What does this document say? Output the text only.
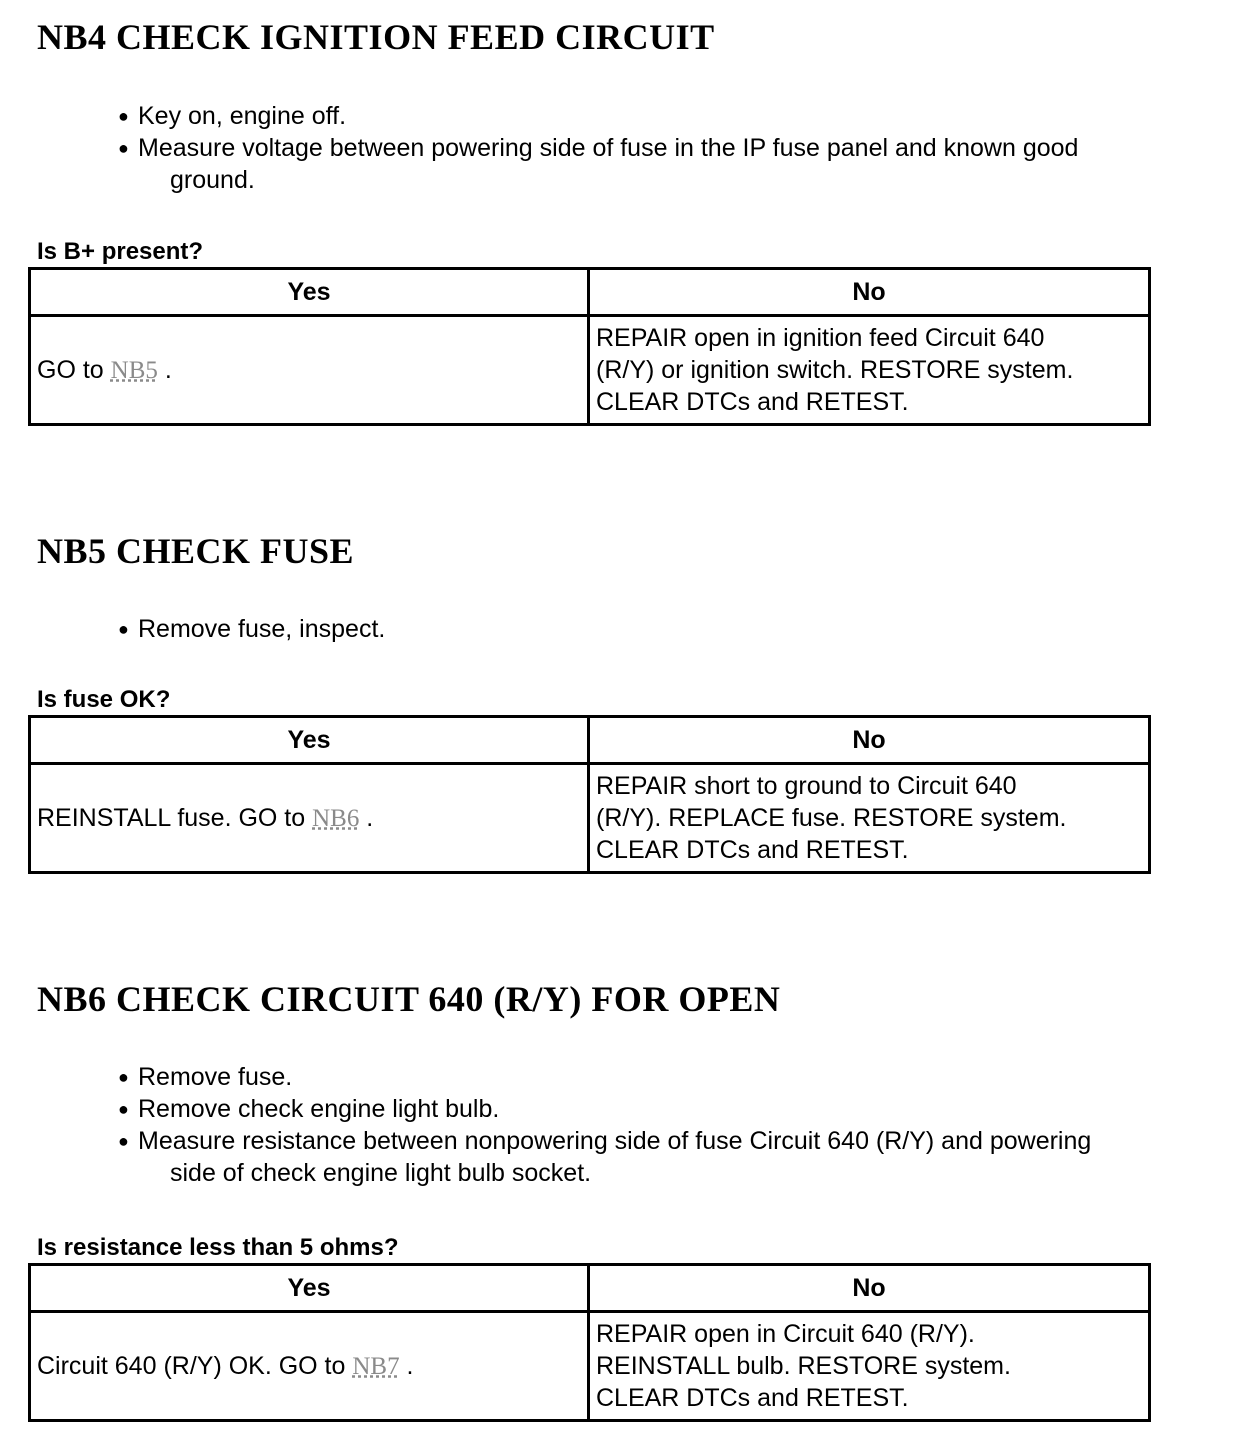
NB4 CHECK IGNITION FEED CIRCUIT
● Key on, engine off.
● Measure voltage between powering side of fuse in the IP fuse panel and known good
ground.

Is B+ present?

Yes	No
GO to NB5 .	REPAIR open in ignition feed Circuit 640
(R/Y) or ignition switch. RESTORE system.
CLEAR DTCs and RETEST.
NB5 CHECK FUSE
● Remove fuse, inspect.

Is fuse OK?

Yes	No
REINSTALL fuse. GO to NB6 .	REPAIR short to ground to Circuit 640
(R/Y). REPLACE fuse. RESTORE system.
CLEAR DTCs and RETEST.
NB6 CHECK CIRCUIT 640 (R/Y) FOR OPEN
● Remove fuse.
● Remove check engine light bulb.
● Measure resistance between nonpowering side of fuse Circuit 640 (R/Y) and powering
side of check engine light bulb socket.

Is resistance less than 5 ohms?

Yes	No
Circuit 640 (R/Y) OK. GO to NB7 .	REPAIR open in Circuit 640 (R/Y).
REINSTALL bulb. RESTORE system.
CLEAR DTCs and RETEST.
